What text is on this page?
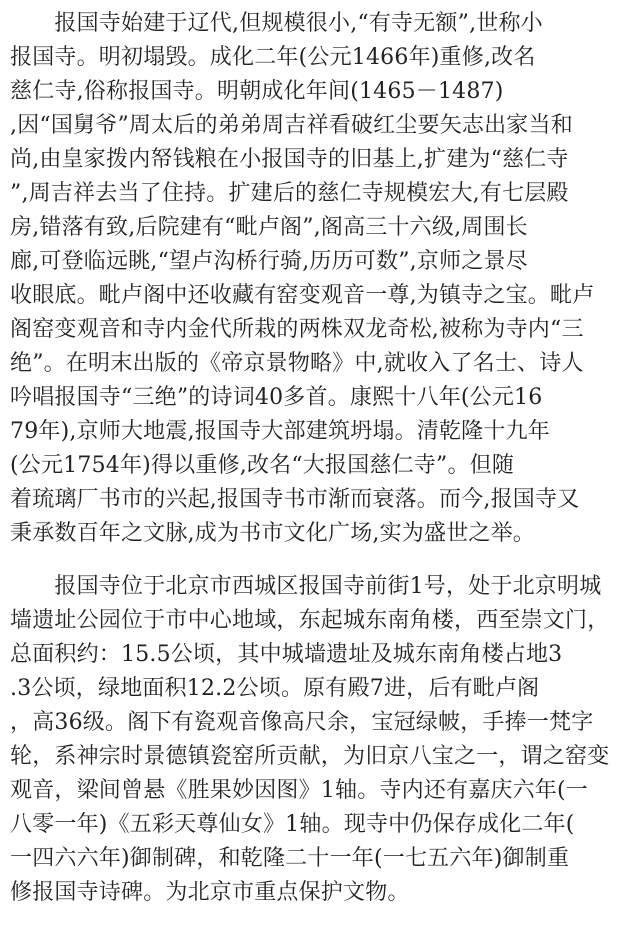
　　报国寺始建于辽代,但规模很小,“有寺无额”,世称小
报国寺。明初塌毁。成化二年(公元1466年)重修,改名
慈仁寺,俗称报国寺。明朝成化年间(1465－1487)
,因“国舅爷”周太后的弟弟周吉祥看破红尘要矢志出家当和
尚,由皇家拨内帑钱粮在小报国寺的旧基上,扩建为“慈仁寺
”,周吉祥去当了住持。扩建后的慈仁寺规模宏大,有七层殿
房,错落有致,后院建有“毗卢阁”,阁高三十六级,周围长
廊,可登临远眺,“望卢沟桥行骑,历历可数”,京师之景尽
收眼底。毗卢阁中还收藏有窑变观音一尊,为镇寺之宝。毗卢
阁窑变观音和寺内金代所栽的两株双龙奇松,被称为寺内“三
绝”。在明末出版的《帝京景物略》中,就收入了名士、诗人
吟唱报国寺“三绝”的诗词40多首。康熙十八年(公元16
79年),京师大地震,报国寺大部建筑坍塌。清乾隆十九年
(公元1754年)得以重修,改名“大报国慈仁寺”。但随
着琉璃厂书市的兴起,报国寺书市渐而衰落。而今,报国寺又
秉承数百年之文脉,成为书市文化广场,实为盛世之举。
　　报国寺位于北京市西城区报国寺前街1号，处于北京明城
墙遗址公园位于市中心地域，东起城东南角楼，西至崇文门，
总面积约：15.5公顷，其中城墙遗址及城东南角楼占地3
.3公顷，绿地面积12.2公顷。原有殿7进，后有毗卢阁
，高36级。阁下有瓷观音像高尺余，宝冠绿帔，手捧一梵字
轮，系神宗时景德镇瓷窑所贡献，为旧京八宝之一，谓之窑变
观音，梁间曾悬《胜果妙因图》1轴。寺内还有嘉庆六年(一
八零一年)《五彩天尊仙女》1轴。现寺中仍保存成化二年(
一四六六年)御制碑，和乾隆二十一年(一七五六年)御制重
修报国寺诗碑。为北京市重点保护文物。
